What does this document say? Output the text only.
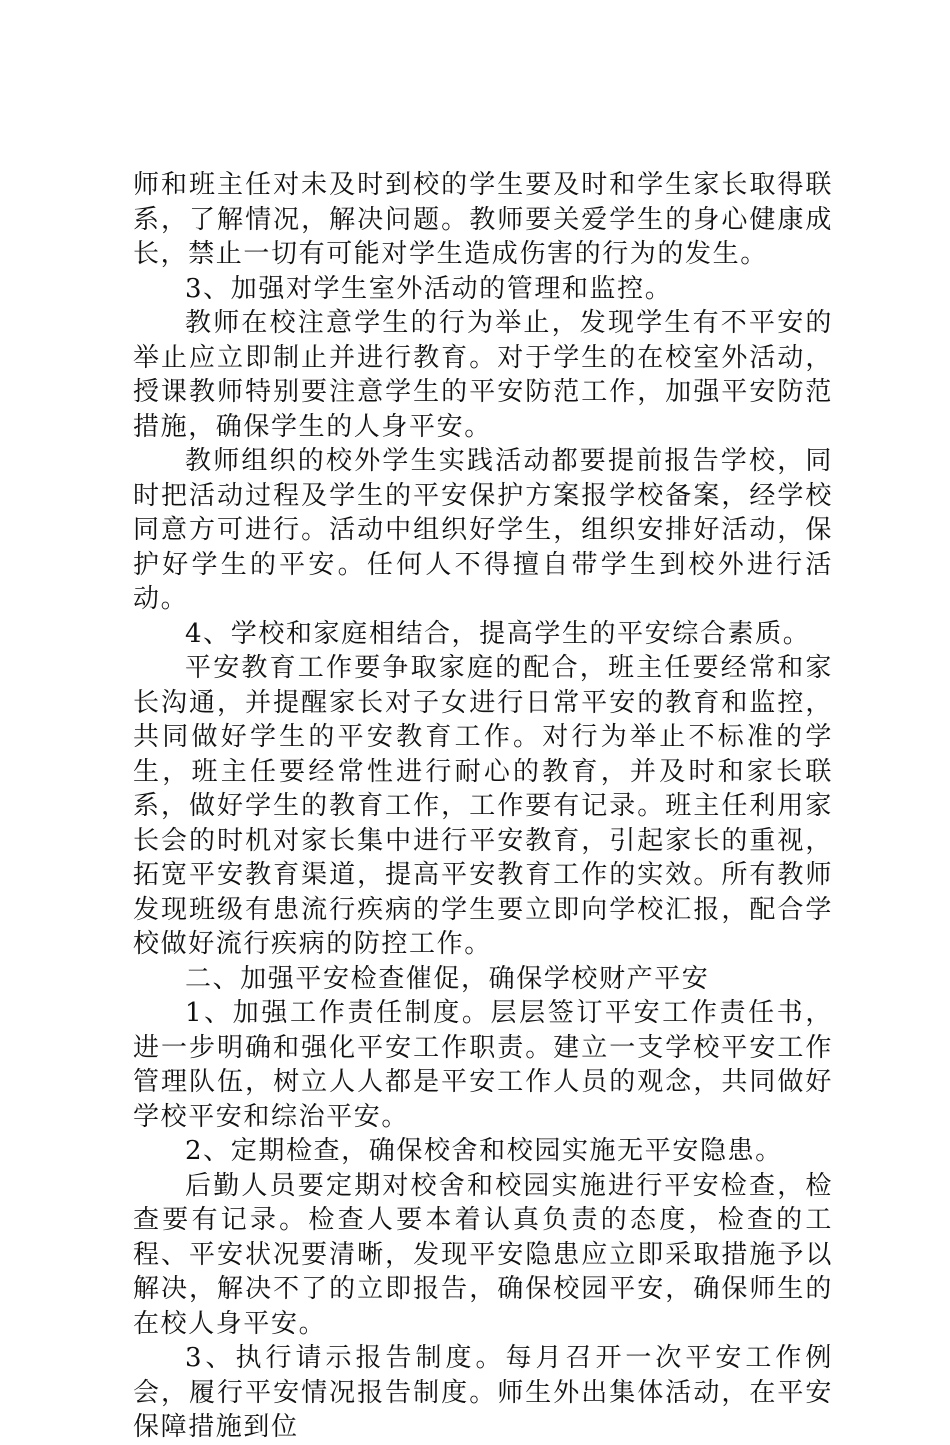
师和班主任对未及时到校的学生要及时和学生家长取得联系，了解情况，解决问题。教师要关爱学生的身心健康成长，禁止一切有可能对学生造成伤害的行为的发生。

3、加强对学生室外活动的管理和监控。

教师在校注意学生的行为举止，发现学生有不平安的举止应立即制止并进行教育。对于学生的在校室外活动，授课教师特别要注意学生的平安防范工作，加强平安防范措施，确保学生的人身平安。

教师组织的校外学生实践活动都要提前报告学校，同时把活动过程及学生的平安保护方案报学校备案，经学校同意方可进行。活动中组织好学生，组织安排好活动，保护好学生的平安。任何人不得擅自带学生到校外进行活动。

4、学校和家庭相结合，提高学生的平安综合素质。

平安教育工作要争取家庭的配合，班主任要经常和家长沟通，并提醒家长对子女进行日常平安的教育和监控，共同做好学生的平安教育工作。对行为举止不标准的学生，班主任要经常性进行耐心的教育，并及时和家长联系，做好学生的教育工作，工作要有记录。班主任利用家长会的时机对家长集中进行平安教育，引起家长的重视，拓宽平安教育渠道，提高平安教育工作的实效。所有教师发现班级有患流行疾病的学生要立即向学校汇报，配合学校做好流行疾病的防控工作。

二、加强平安检查催促，确保学校财产平安

1、加强工作责任制度。层层签订平安工作责任书，进一步明确和强化平安工作职责。建立一支学校平安工作管理队伍，树立人人都是平安工作人员的观念，共同做好学校平安和综治平安。

2、定期检查，确保校舍和校园实施无平安隐患。

后勤人员要定期对校舍和校园实施进行平安检查，检查要有记录。检查人要本着认真负责的态度，检查的工程、平安状况要清晰，发现平安隐患应立即采取措施予以解决，解决不了的立即报告，确保校园平安，确保师生的在校人身平安。

3、执行请示报告制度。每月召开一次平安工作例会，履行平安情况报告制度。师生外出集体活动，在平安保障措施到位
